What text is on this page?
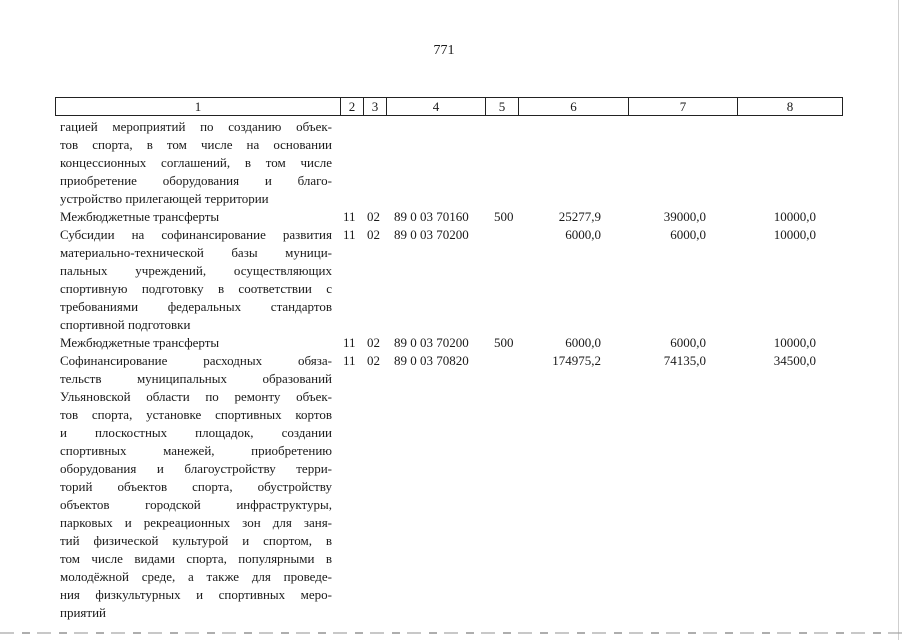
771
1	2	3	4	5	6	7	8
гацией мероприятий по созданию объек-
тов спорта, в том числе на основании
концессионных соглашений, в том числе
приобретение оборудования и благо-
устройство прилегающей территории
Межбюджетные трансферты	11 02 89 0 03 70160 500	25277,9	39000,0	10000,0
Субсидии на софинансирование развития 11 02 89 0 03 70200	6000,0	6000,0	10000,0
материально-технической базы муници-
пальных учреждений, осуществляющих
спортивную подготовку в соответствии с
требованиями федеральных стандартов
спортивной подготовки
Межбюджетные трансферты	11 02 89 0 03 70200 500	6000,0	6000,0	10000,0
Софинансирование расходных обяза- 11 02 89 0 03 70820	174975,2	74135,0	34500,0
тельств муниципальных образований
Ульяновской области по ремонту объек-
тов спорта, установке спортивных кортов
и плоскостных площадок, создании
спортивных манежей, приобретению
оборудования и благоустройству терри-
торий объектов спорта, обустройству
объектов городской инфраструктуры,
парковых и рекреационных зон для заня-
тий физической культурой и спортом, в
том числе видами спорта, популярными в
молодёжной среде, а также для проведе-
ния физкультурных и спортивных меро-
приятий
